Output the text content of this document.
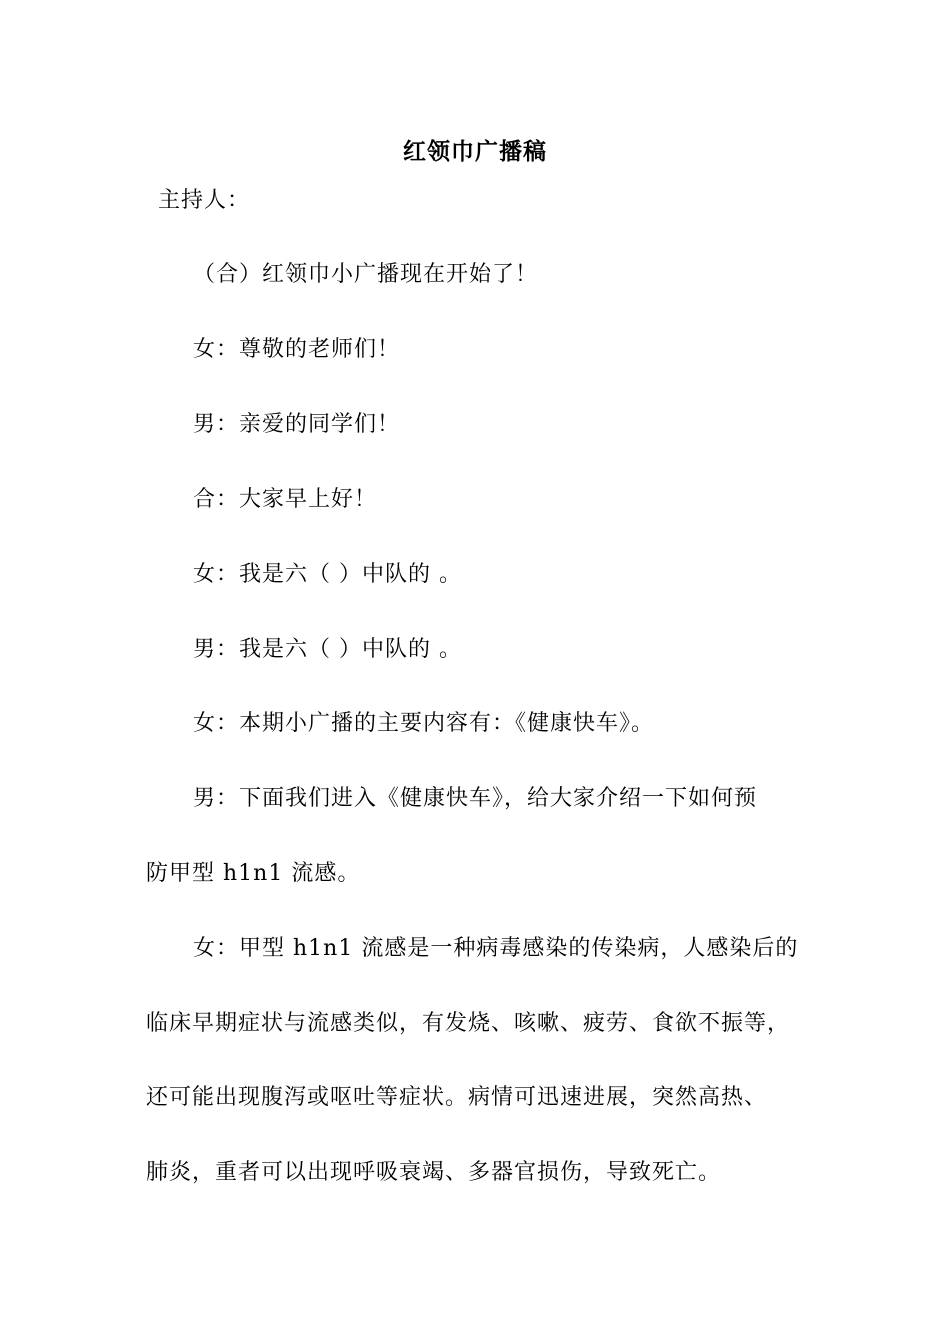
红领巾广播稿
主持人：
（合）红领巾小广播现在开始了！
女：尊敬的老师们！
男：亲爱的同学们！
合：大家早上好！
女：我是六（ ）中队的 。
男：我是六（ ）中队的 。
女：本期小广播的主要内容有：《健康快车》。
男：下面我们进入《健康快车》，给大家介绍一下如何预
防甲型 h1n1 流感。
女：甲型 h1n1 流感是一种病毒感染的传染病，人感染后的
临床早期症状与流感类似，有发烧、咳嗽、疲劳、食欲不振等，
还可能出现腹泻或呕吐等症状。病情可迅速进展，突然高热、
肺炎，重者可以出现呼吸衰竭、多器官损伤，导致死亡。
